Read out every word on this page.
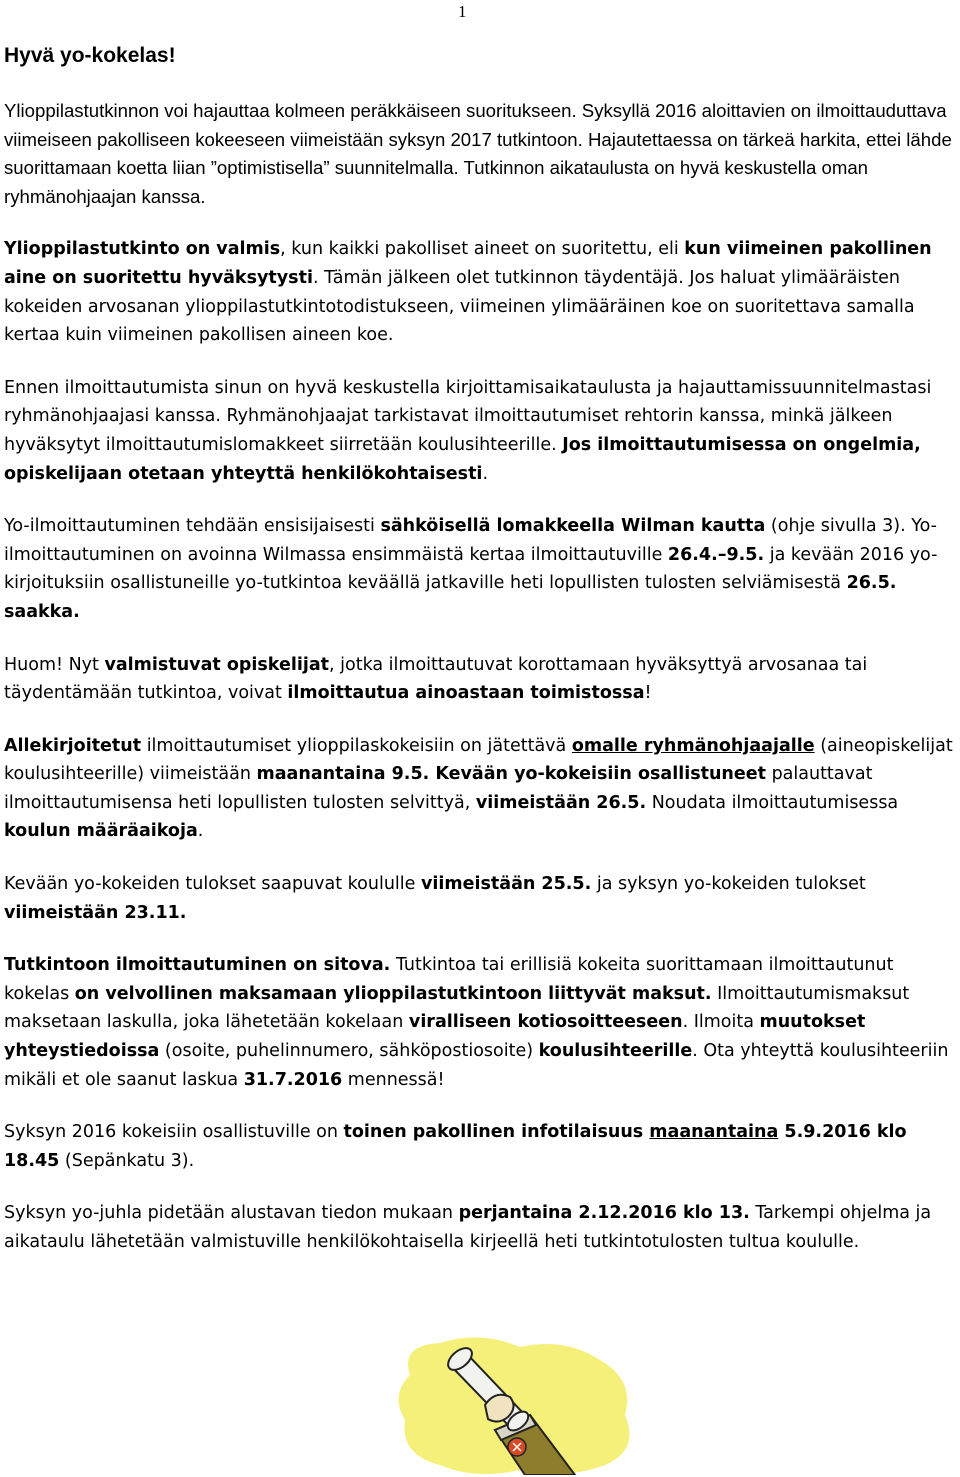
1
Hyvä yo-kokelas!

Ylioppilastutkinnon voi hajauttaa kolmeen peräkkäiseen suoritukseen. Syksyllä 2016 aloittavien on ilmoittauduttava viimeiseen pakolliseen kokeeseen viimeistään syksyn 2017 tutkintoon. Hajautettaessa on tärkeä harkita, ettei lähde suorittamaan koetta liian ”optimistisella” suunnitelmalla. Tutkinnon aikataulusta on hyvä keskustella oman ryhmänohjaajan kanssa.

Ylioppilastutkinto on valmis, kun kaikki pakolliset aineet on suoritettu, eli kun viimeinen pakollinen aine on suoritettu hyväksytysti. Tämän jälkeen olet tutkinnon täydentäjä. Jos haluat ylimääräisten kokeiden arvosanan ylioppilastutkintotodistukseen, viimeinen ylimääräinen koe on suoritettava samalla kertaa kuin viimeinen pakollisen aineen koe.

Ennen ilmoittautumista sinun on hyvä keskustella kirjoittamisaikataulusta ja hajauttamissuunnitelmastasi ryhmänohjaajasi kanssa. Ryhmänohjaajat tarkistavat ilmoittautumiset rehtorin kanssa, minkä jälkeen hyväksytyt ilmoittautumislomakkeet siirretään koulusihteerille. Jos ilmoittautumisessa on ongelmia, opiskelijaan otetaan yhteyttä henkilökohtaisesti.

Yo-ilmoittautuminen tehdään ensisijaisesti sähköisellä lomakkeella Wilman kautta (ohje sivulla 3). Yo-ilmoittautuminen on avoinna Wilmassa ensimmäistä kertaa ilmoittautuville 26.4.–9.5. ja kevään 2016 yo-kirjoituksiin osallistuneille yo-tutkintoa keväällä jatkaville heti lopullisten tulosten selviämisestä 26.5. saakka.

Huom! Nyt valmistuvat opiskelijat, jotka ilmoittautuvat korottamaan hyväksyttyä arvosanaa tai täydentämään tutkintoa, voivat ilmoittautua ainoastaan toimistossa!

Allekirjoitetut ilmoittautumiset ylioppilaskokeisiin on jätettävä omalle ryhmänohjaajalle (aineopiskelijat koulusihteerille) viimeistään maanantaina 9.5. Kevään yo-kokeisiin osallistuneet palauttavat ilmoittautumisensa heti lopullisten tulosten selvittyä, viimeistään 26.5. Noudata ilmoittautumisessa koulun määräaikoja.

Kevään yo-kokeiden tulokset saapuvat koululle viimeistään 25.5. ja syksyn yo-kokeiden tulokset viimeistään 23.11.

Tutkintoon ilmoittautuminen on sitova. Tutkintoa tai erillisiä kokeita suorittamaan ilmoittautunut kokelas on velvollinen maksamaan ylioppilastutkintoon liittyvät maksut. Ilmoittautumismaksut maksetaan laskulla, joka lähetetään kokelaan viralliseen kotiosoitteeseen. Ilmoita muutokset yhteystiedoissa (osoite, puhelinnumero, sähköpostiosoite) koulusihteerille. Ota yhteyttä koulusihteeriin mikäli et ole saanut laskua 31.7.2016 mennessä!

Syksyn 2016 kokeisiin osallistuville on toinen pakollinen infotilaisuus maanantaina 5.9.2016 klo 18.45 (Sepänkatu 3).

Syksyn yo-juhla pidetään alustavan tiedon mukaan perjantaina 2.12.2016 klo 13. Tarkempi ohjelma ja aikataulu lähetetään valmistuville henkilökohtaisella kirjeellä heti tutkintotulosten tultua koululle.
